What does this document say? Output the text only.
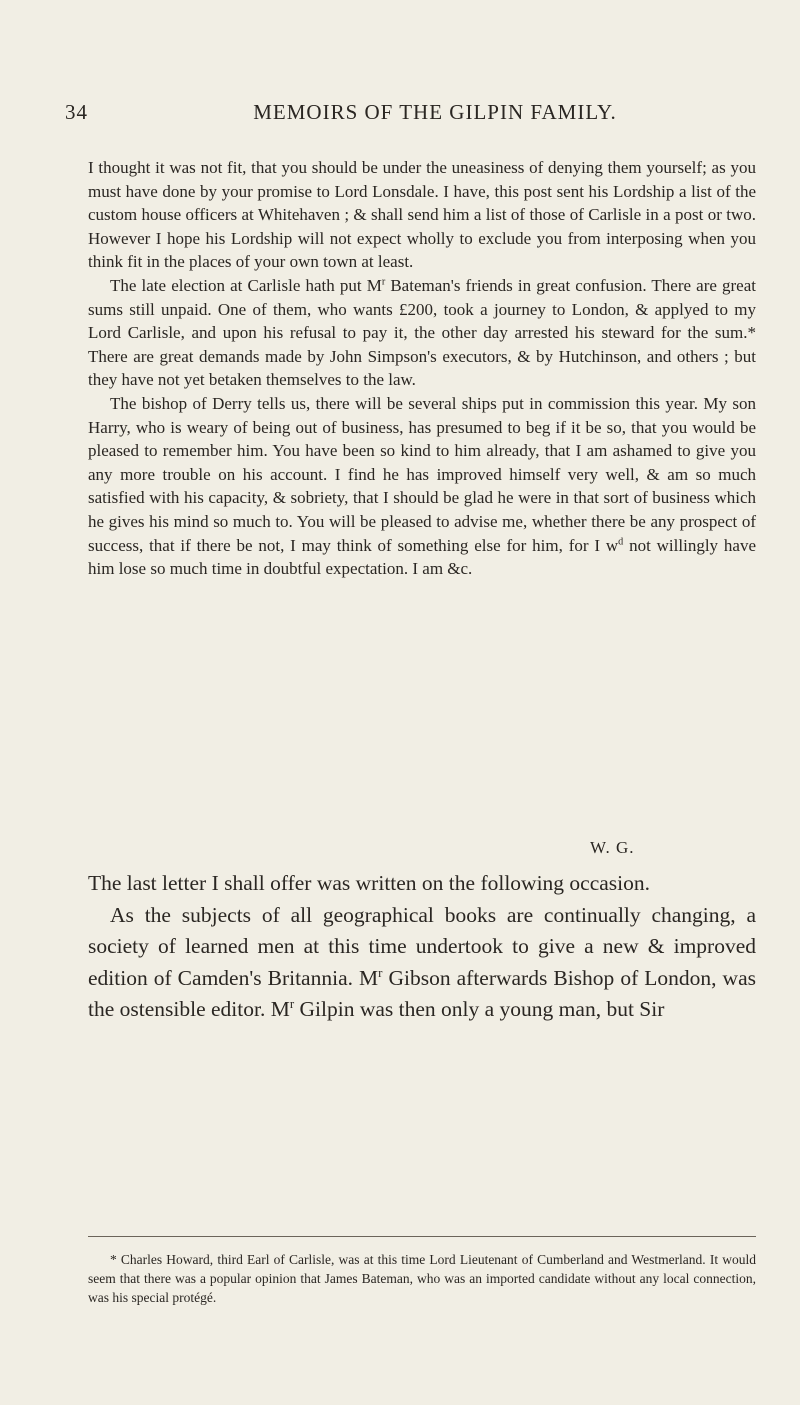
34	MEMOIRS OF THE GILPIN FAMILY.

I thought it was not fit, that you should be under the uneasiness of denying them yourself; as you must have done by your promise to Lord Lonsdale. I have, this post sent his Lordship a list of the custom house officers at Whitehaven ; & shall send him a list of those of Carlisle in a post or two. However I hope his Lordship will not expect wholly to exclude you from interposing when you think fit in the places of your own town at least.

The late election at Carlisle hath put $M^r$ Bateman's friends in great confusion. There are great sums still unpaid. One of them, who wants £200, took a journey to London, & applyed to my Lord Carlisle, and upon his refusal to pay it, the other day arrested his steward for the sum.* There are great demands made by John Simpson's executors, & by Hutchinson, and others ; but they have not yet betaken themselves to the law.

The bishop of Derry tells us, there will be several ships put in commission this year. My son Harry, who is weary of being out of business, has presumed to beg if it be so, that you would be pleased to remember him. You have been so kind to him already, that I am ashamed to give you any more trouble on his account. I find he has improved himself very well, & am so much satisfied with his capacity, & sobriety, that I should be glad he were in that sort of business which he gives his mind so much to. You will be pleased to advise me, whether there be any prospect of success, that if there be not, I may think of something else for him, for I $w^d$ not willingly have him lose so much time in doubtful expectation. I am &c.

W. G.

The last letter I shall offer was written on the following occasion.

As the subjects of all geographical books are continually changing, a society of learned men at this time undertook to give a new & improved edition of Camden's Britannia. $M^r$ Gibson afterwards Bishop of London, was the ostensible editor. $M^r$ Gilpin was then only a young man, but Sir

* Charles Howard, third Earl of Carlisle, was at this time Lord Lieutenant of Cumberland and Westmerland. It would seem that there was a popular opinion that James Bateman, who was an imported candidate without any local connection, was his special protégé.
